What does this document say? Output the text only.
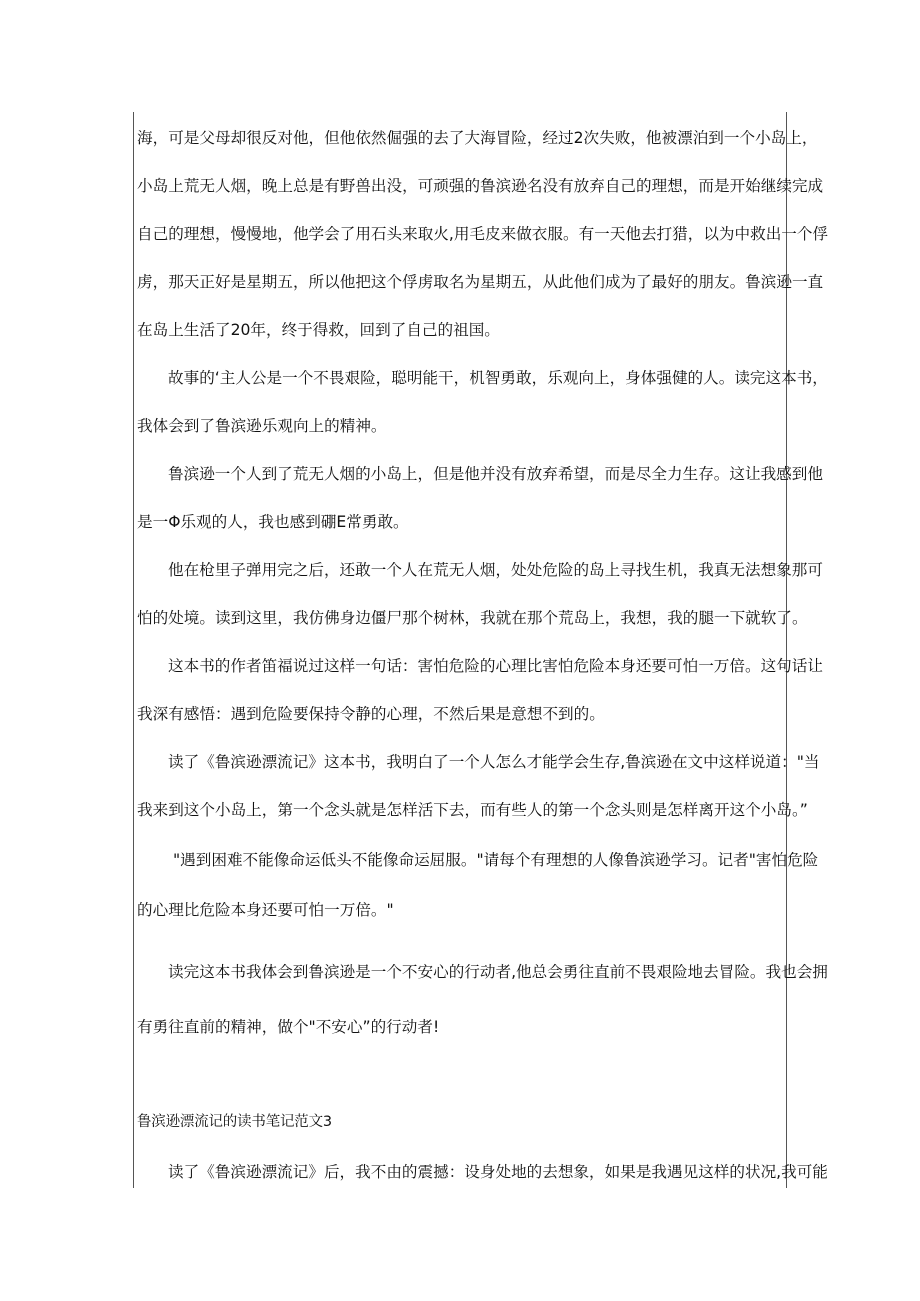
海，可是父母却很反对他，但他依然倔强的去了大海冒险，经过2次失败，他被漂泊到一个小岛上，
小岛上荒无人烟，晚上总是有野兽出没，可顽强的鲁滨逊名没有放弃自己的理想，而是开始继续完成
自己的理想，慢慢地，他学会了用石头来取火,用毛皮来做衣服。有一天他去打猎，以为中救出一个俘
虏，那天正好是星期五，所以他把这个俘虏取名为星期五，从此他们成为了最好的朋友。鲁滨逊一直
在岛上生活了20年，终于得救，回到了自己的祖国。
故事的‘主人公是一个不畏艰险，聪明能干，机智勇敢，乐观向上，身体强健的人。读完这本书，
我体会到了鲁滨逊乐观向上的精神。
鲁滨逊一个人到了荒无人烟的小岛上，但是他并没有放弃希望，而是尽全力生存。这让我感到他
是一Φ乐观的人，我也感到硼E常勇敢。
他在枪里子弹用完之后，还敢一个人在荒无人烟，处处危险的岛上寻找生机，我真无法想象那可
怕的处境。读到这里，我仿佛身边僵尸那个树林，我就在那个荒岛上，我想，我的腿一下就软了。
这本书的作者笛福说过这样一句话：害怕危险的心理比害怕危险本身还要可怕一万倍。这句话让
我深有感悟：遇到危险要保持令静的心理，不然后果是意想不到的。
读了《鲁滨逊漂流记》这本书，我明白了一个人怎么才能学会生存,鲁滨逊在文中这样说道："当
我来到这个小岛上，第一个念头就是怎样活下去，而有些人的第一个念头则是怎样离开这个小岛。”
"遇到困难不能像命运低头不能像命运屈服。"请每个有理想的人像鲁滨逊学习。记者"害怕危险
的心理比危险本身还要可怕一万倍。"
读完这本书我体会到鲁滨逊是一个不安心的行动者,他总会勇往直前不畏艰险地去冒险。我也会拥
有勇往直前的精神，做个"不安心”的行动者!
鲁滨逊漂流记的读书笔记范文3
读了《鲁滨逊漂流记》后，我不由的震撼：设身处地的去想象，如果是我遇见这样的状况,我可能
